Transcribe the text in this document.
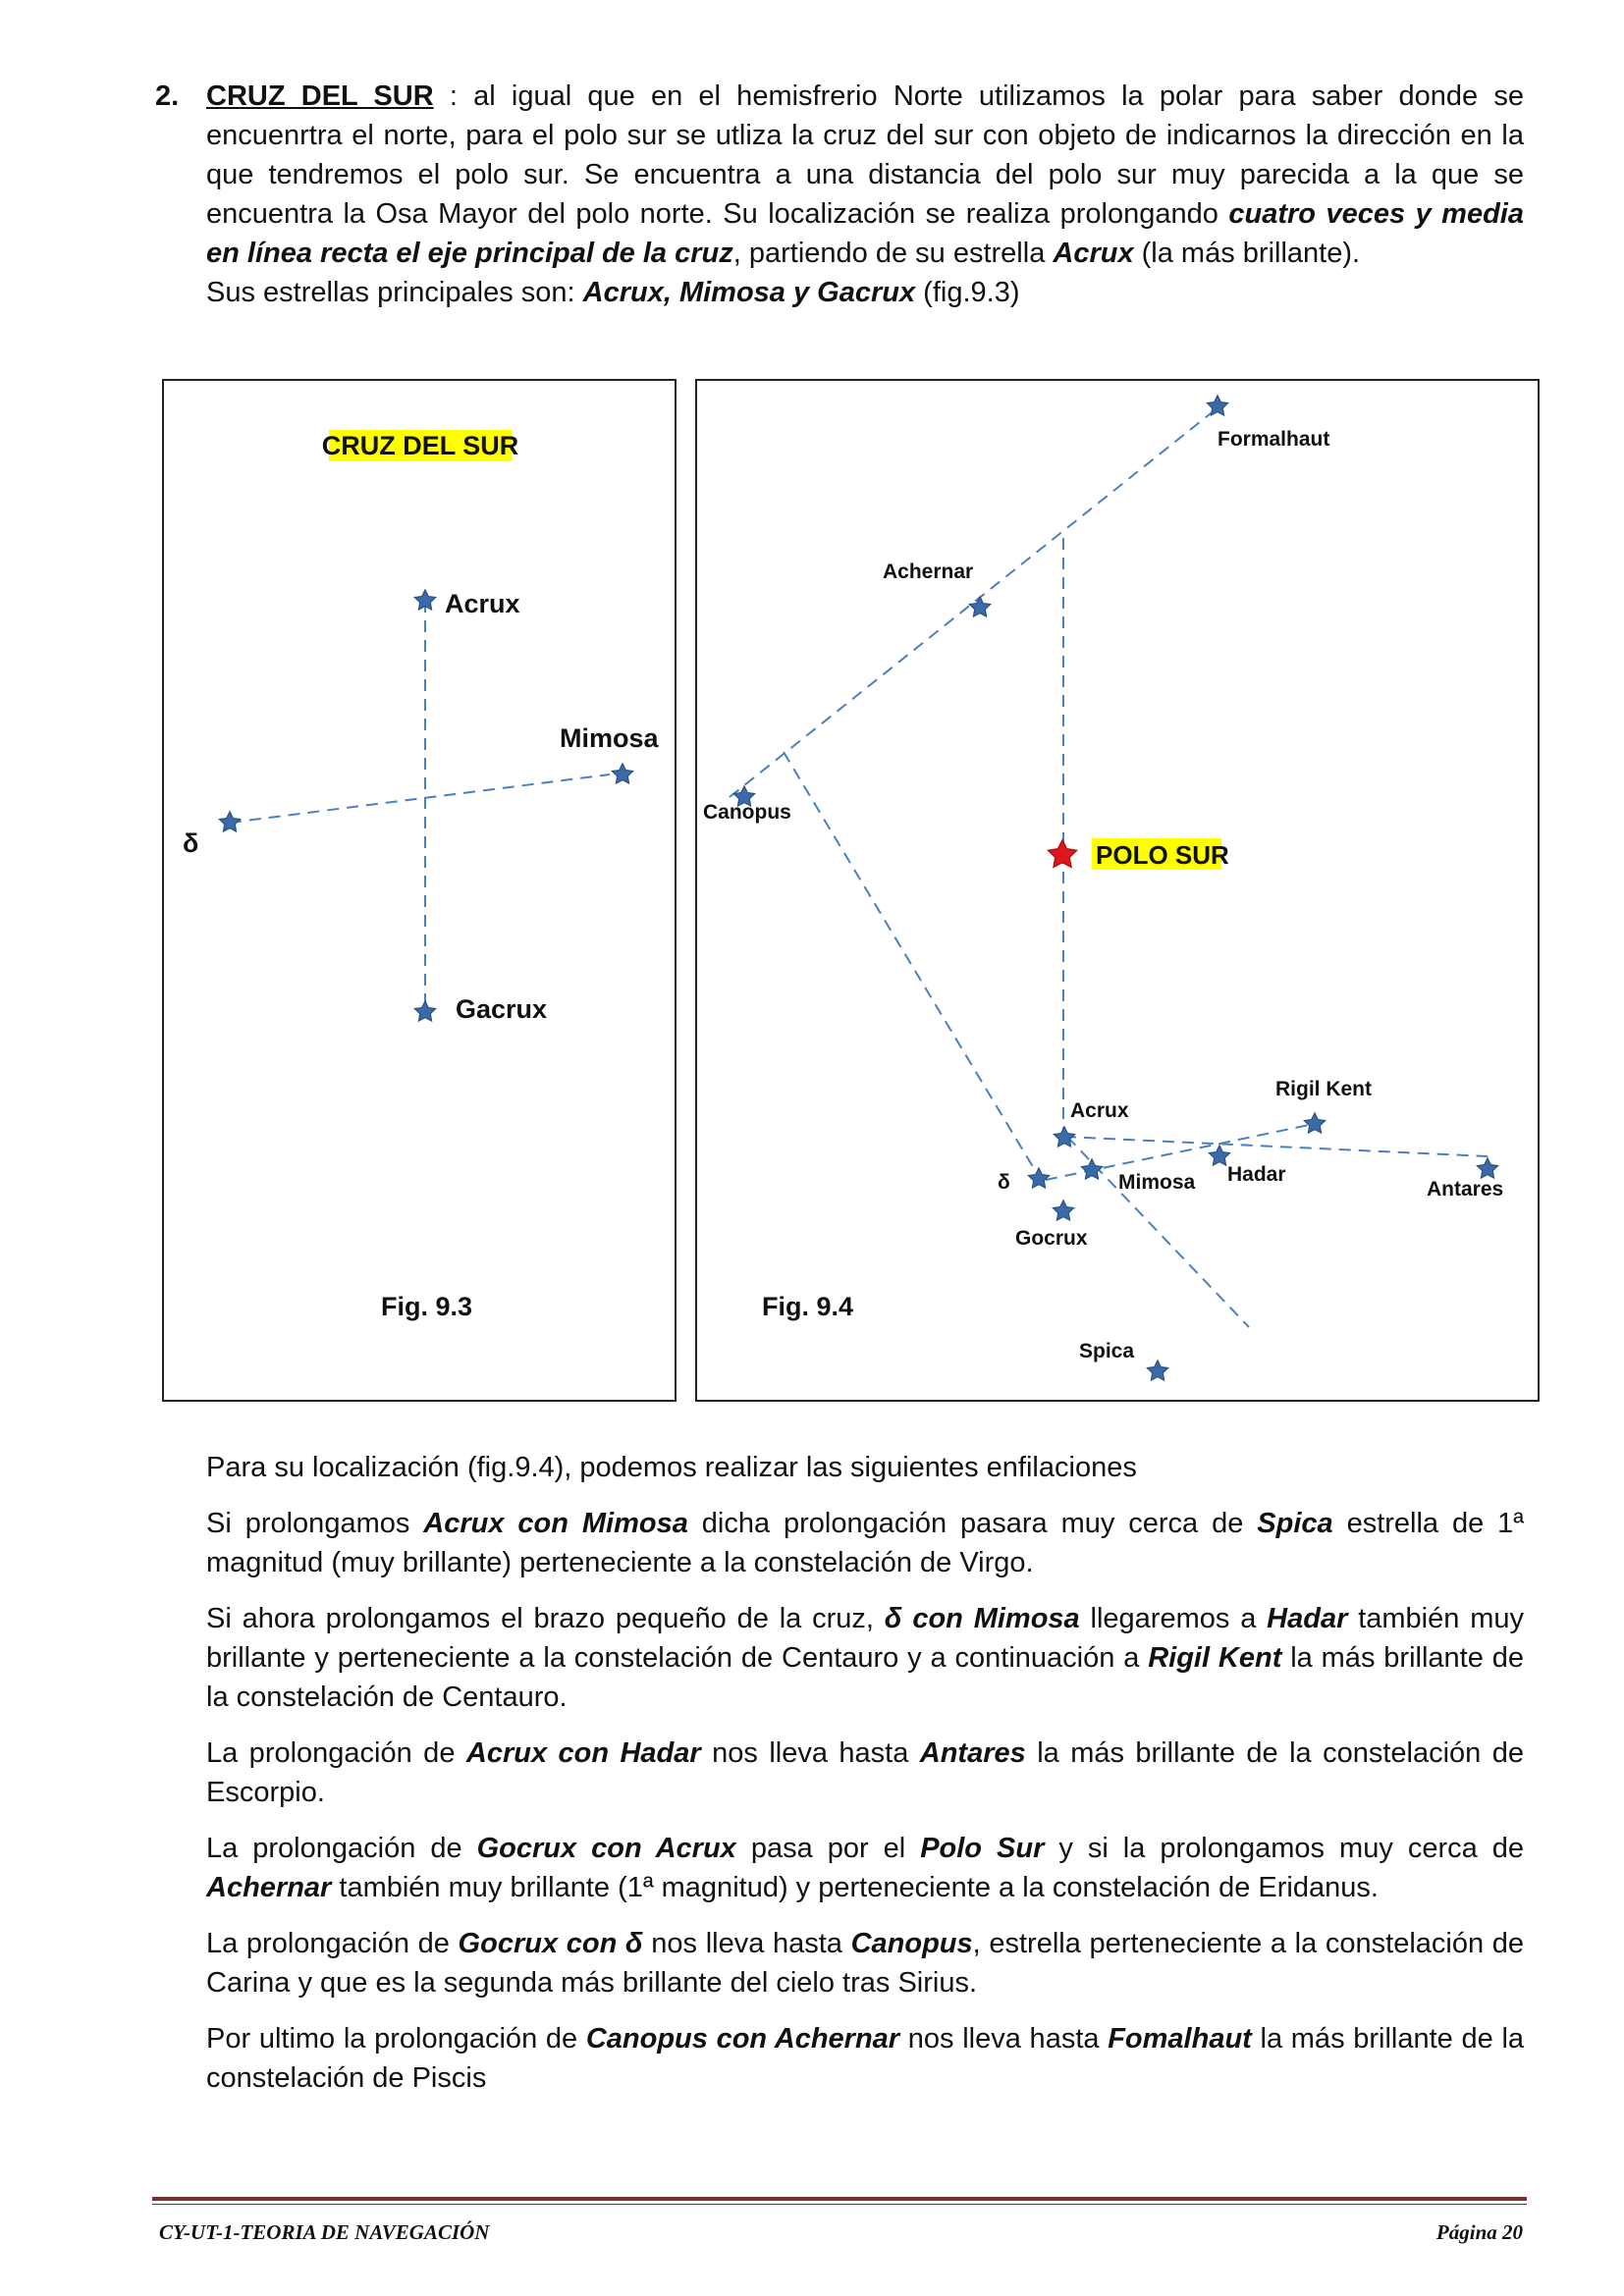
2. CRUZ DEL SUR : al igual que en el hemisfrerio Norte utilizamos la polar para saber donde se encuenrtra el norte, para el polo sur se utliza la cruz del sur con objeto de indicarnos la dirección en la que tendremos el polo sur. Se encuentra a una distancia del polo sur muy parecida a la que se encuentra la Osa Mayor del polo norte. Su localización se realiza prolongando cuatro veces y media en línea recta el eje principal de la cruz, partiendo de su estrella Acrux (la más brillante).
Sus estrellas principales son: Acrux, Mimosa y Gacrux (fig.9.3)
CRUZ DEL SUR
Acrux
Mimosa
δ
Gacrux
Fig. 9.3
POLO SUR
Formalhaut
Achernar
Canopus
Acrux
Rigil Kent
δ	Mimosa Hadar
Antares
Gocrux
Spica
Fig. 9.4
Para su localización (fig.9.4), podemos realizar las siguientes enfilaciones
Si prolongamos Acrux con Mimosa dicha prolongación pasara muy cerca de Spica estrella de 1ª magnitud (muy brillante) perteneciente a la constelación de Virgo.
Si ahora prolongamos el brazo pequeño de la cruz, δ con Mimosa llegaremos a Hadar también muy brillante y perteneciente a la constelación de Centauro y a continuación a Rigil Kent la más brillante de la constelación de Centauro.
La prolongación de Acrux con Hadar nos lleva hasta Antares la más brillante de la constelación de Escorpio.
La prolongación de Gocrux con Acrux pasa por el Polo Sur y si la prolongamos muy cerca de Achernar también muy brillante (1ª magnitud) y perteneciente a la constelación de Eridanus.
La prolongación de Gocrux con δ nos lleva hasta Canopus, estrella perteneciente a la constelación de Carina y que es la segunda más brillante del cielo tras Sirius.
Por ultimo la prolongación de Canopus con Achernar nos lleva hasta Fomalhaut la más brillante de la constelación de Piscis
CY-UT-1-TEORIA DE NAVEGACIÓN	Página 20
